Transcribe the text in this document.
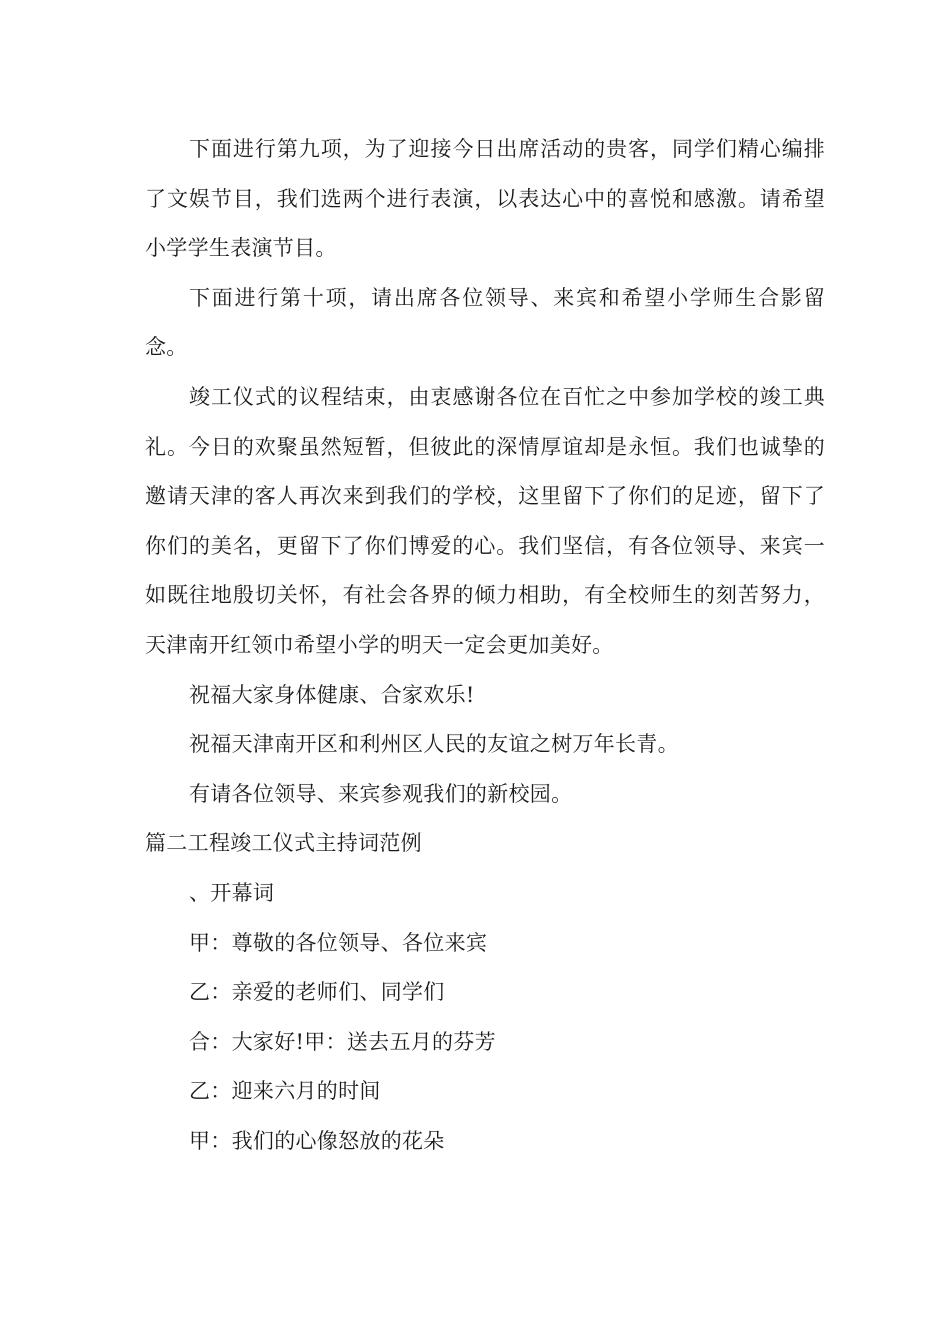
下面进行第九项，为了迎接今日出席活动的贵客，同学们精心编排了文娱节目，我们选两个进行表演，以表达心中的喜悦和感激。请希望小学学生表演节目。

下面进行第十项，请出席各位领导、来宾和希望小学师生合影留念。

竣工仪式的议程结束，由衷感谢各位在百忙之中参加学校的竣工典礼。今日的欢聚虽然短暂，但彼此的深情厚谊却是永恒。我们也诚挚的邀请天津的客人再次来到我们的学校，这里留下了你们的足迹，留下了你们的美名，更留下了你们博爱的心。我们坚信，有各位领导、来宾一如既往地殷切关怀，有社会各界的倾力相助，有全校师生的刻苦努力，天津南开红领巾希望小学的明天一定会更加美好。

祝福大家身体健康、合家欢乐!

祝福天津南开区和利州区人民的友谊之树万年长青。

有请各位领导、来宾参观我们的新校园。

篇二工程竣工仪式主持词范例

、开幕词

甲：尊敬的各位领导、各位来宾

乙：亲爱的老师们、同学们

合：大家好!甲：送去五月的芬芳

乙：迎来六月的时间

甲：我们的心像怒放的花朵
